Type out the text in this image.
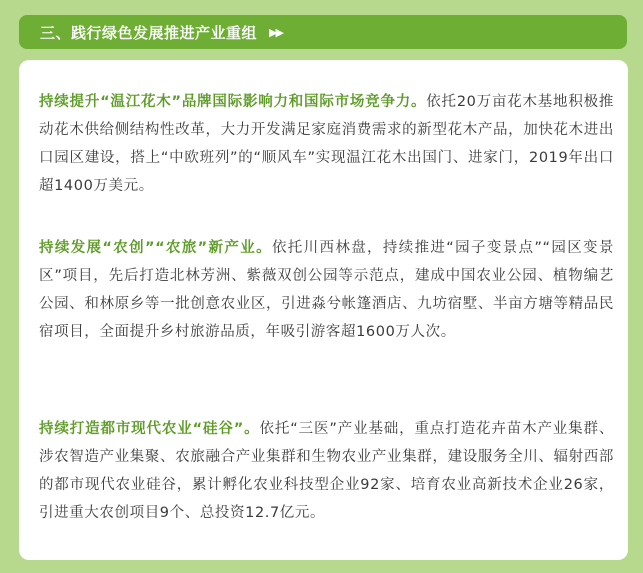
三、践行绿色发展推进产业重组 ▶▶

持续提升“温江花木”品牌国际影响力和国际市场竞争力。依托20万亩花木基地积极推动花木供给侧结构性改革，大力开发满足家庭消费需求的新型花木产品，加快花木进出口园区建设，搭上“中欧班列”的“顺风车”实现温江花木出国门、进家门，2019年出口超1400万美元。

持续发展“农创”“农旅”新产业。依托川西林盘，持续推进“园子变景点”“园区变景区”项目，先后打造北林芳洲、紫薇双创公园等示范点，建成中国农业公园、植物编艺公园、和林原乡等一批创意农业区，引进淼兮帐篷酒店、九坊宿墅、半亩方塘等精品民宿项目，全面提升乡村旅游品质，年吸引游客超1600万人次。

持续打造都市现代农业“硅谷”。依托“三医”产业基础，重点打造花卉苗木产业集群、涉农智造产业集聚、农旅融合产业集群和生物农业产业集群，建设服务全川、辐射西部的都市现代农业硅谷，累计孵化农业科技型企业92家、培育农业高新技术企业26家，引进重大农创项目9个、总投资12.7亿元。
